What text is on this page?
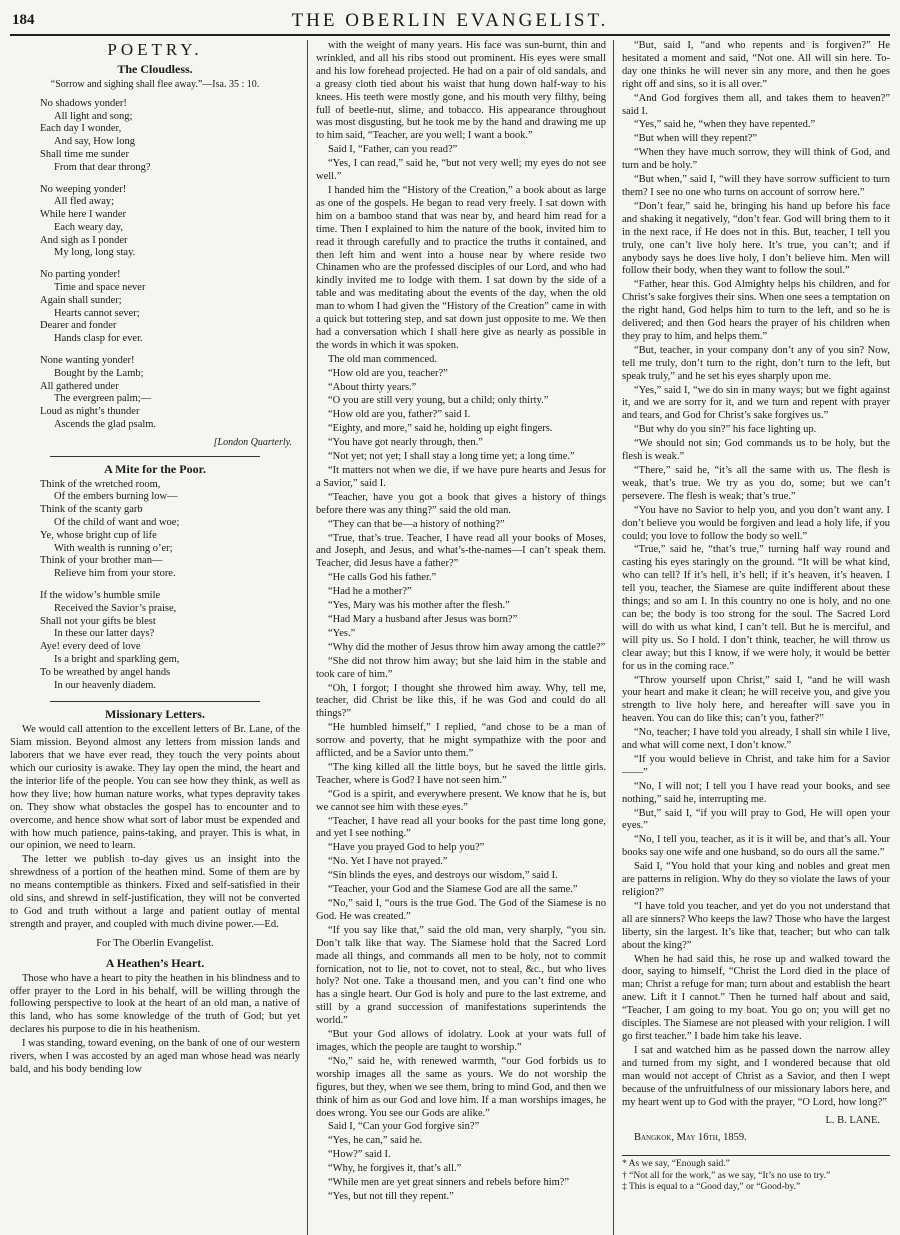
184	THE OBERLIN EVANGELIST.
POETRY.
The Cloudless.
“Sorrow and sighing shall flee away.”—Isa. 35 : 10.
No shadows yonder!
All light and song;
Each day I wonder,
And say, How long
Shall time me sunder
From that dear throng?
No weeping yonder!
All fled away;
While here I wander
Each weary day,
And sigh as I ponder
My long, long stay.
No parting yonder!
Time and space never
Again shall sunder;
Hearts cannot sever;
Dearer and fonder
Hands clasp for ever.
None wanting yonder!
Bought by the Lamb;
All gathered under
The evergreen palm;—
Loud as night’s thunder
Ascends the glad psalm.
[London Quarterly.
A Mite for the Poor.
Think of the wretched room,
Of the embers burning low—
Think of the scanty garb
Of the child of want and woe;
Ye, whose bright cup of life
With wealth is running o’er;
Think of your brother man—
Relieve him from your store.
If the widow’s humble smile
Received the Savior’s praise,
Shall not your gifts be blest
In these our latter days?
Aye! every deed of love
Is a bright and sparkling gem,
To be wreathed by angel hands
In our heavenly diadem.
Missionary Letters.

We would call attention to the excellent letters of Br. Lane, of the Siam mission. Beyond almost any letters from mission lands and laborers that we have ever read, they touch the very points about which our curiosity is awake. They lay open the mind, the heart and the interior life of the people. You can see how they think, as well as how they live; how human nature works, what types depravity takes on. They show what obstacles the gospel has to encounter and to overcome, and hence show what sort of labor must be expended and with how much patience, pains-taking, and prayer. This is what, in our opinion, we need to learn.

The letter we publish to-day gives us an insight into the shrewdness of a portion of the heathen mind. Some of them are by no means contemptible as thinkers. Fixed and self-satisfied in their old sins, and shrewd in self-justification, they will not be converted to God and truth without a large and patient outlay of mental strength and prayer, and coupled with much divine power.—Ed.

For The Oberlin Evangelist.

A Heathen’s Heart.

Those who have a heart to pity the heathen in his blindness and to offer prayer to the Lord in his behalf, will be willing through the following perspective to look at the heart of an old man, a native of this land, who has some knowledge of the truth of God; but yet declares his purpose to die in his heathenism.

I was standing, toward evening, on the bank of one of our western rivers, when I was accosted by an aged man whose head was nearly bald, and his body bending low

with the weight of many years. His face was sun-burnt, thin and wrinkled, and all his ribs stood out prominent. His eyes were small and his low forehead projected. He had on a pair of old sandals, and a greasy cloth tied about his waist that hung down half-way to his knees. His teeth were mostly gone, and his mouth very filthy, being full of beetle-nut, slime, and tobacco. His appearance throughout was most disgusting, but he took me by the hand and drawing me up to him said, “Teacher, are you well; I want a book.”

Said I, “Father, can you read?”

“Yes, I can read,” said he, “but not very well; my eyes do not see well.”

I handed him the “History of the Creation,” a book about as large as one of the gospels. He began to read very freely. I sat down with him on a bamboo stand that was near by, and heard him read for a time. Then I explained to him the nature of the book, invited him to read it through carefully and to practice the truths it contained, and then left him and went into a house near by where reside two Chinamen who are the professed disciples of our Lord, and who had kindly invited me to lodge with them. I sat down by the side of a table and was meditating about the events of the day, when the old man to whom I had given the “History of the Creation” came in with a quick but tottering step, and sat down just opposite to me. We then had a conversation which I shall here give as nearly as possible in the words in which it was spoken.

The old man commenced.

“How old are you, teacher?”

“About thirty years.”

“O you are still very young, but a child; only thirty.”

“How old are you, father?” said I.

“Eighty, and more,” said he, holding up eight fingers.

“You have got nearly through, then.”

“Not yet; not yet; I shall stay a long time yet; a long time.”

“It matters not when we die, if we have pure hearts and Jesus for a Savior,” said I.

“Teacher, have you got a book that gives a history of things before there was any thing?” said the old man.

“They can that be—a history of nothing?”

“True, that’s true. Teacher, I have read all your books of Moses, and Joseph, and Jesus, and what’s-the-names—I can’t speak them. Teacher, did Jesus have a father?”

“He calls God his father.”

“Had he a mother?”

“Yes, Mary was his mother after the flesh.”

“Had Mary a husband after Jesus was born?”

“Yes.”

“Why did the mother of Jesus throw him away among the cattle?”

“She did not throw him away; but she laid him in the stable and took care of him.”

“Oh, I forgot; I thought she throwed him away. Why, tell me, teacher, did Christ be like this, if he was God and could do all things?”

“He humbled himself,” I replied, “and chose to be a man of sorrow and poverty, that he might sympathize with the poor and afflicted, and be a Savior unto them.”

“The king killed all the little boys, but he saved the little girls. Teacher, where is God? I have not seen him.”

“God is a spirit, and everywhere present. We know that he is, but we cannot see him with these eyes.”

“Teacher, I have read all your books for the past time long gone, and yet I see nothing.”

“Have you prayed God to help you?”

“No. Yet I have not prayed.”

“Sin blinds the eyes, and destroys our wisdom,” said I.

“Teacher, your God and the Siamese God are all the same.”

“No,” said I, “ours is the true God. The God of the Siamese is no God. He was created.”

“If you say like that,” said the old man, very sharply, “you sin. Don’t talk like that way. The Siamese hold that the Sacred Lord made all things, and commands all men to be holy, not to commit fornication, not to lie, not to covet, not to steal, &c., but who lives holy? Not one. Take a thousand men, and you can’t find one who has a single heart. Our God is holy and pure to the last extreme, and still by a grand succession of manifestations superintends the world.”

“But your God allows of idolatry. Look at your wats full of images, which the people are taught to worship.”

“No,” said he, with renewed warmth, “our God forbids us to worship images all the same as yours. We do not worship the figures, but they, when we see them, bring to mind God, and then we think of him as our God and love him. If a man worships images, he does wrong. You see our Gods are alike.”

Said I, “Can your God forgive sin?”

“Yes, he can,” said he.

“How?” said I.

“Why, he forgives it, that’s all.”

“While men are yet great sinners and rebels before him?”

“Yes, but not till they repent.”

“But, said I, “and who repents and is forgiven?” He hesitated a moment and said, “Not one. All will sin here. To-day one thinks he will never sin any more, and then he goes right off and sins, so it is all over.”

“And God forgives them all, and takes them to heaven?” said I.

“Yes,” said he, “when they have repented.”

“But when will they repent?”

“When they have much sorrow, they will think of God, and turn and be holy.”

“But when,” said I, “will they have sorrow sufficient to turn them? I see no one who turns on account of sorrow here.”

“Don’t fear,” said he, bringing his hand up before his face and shaking it negatively, “don’t fear. God will bring them to it in the next race, if He does not in this. But, teacher, I tell you truly, one can’t live holy here. It’s true, you can’t; and if anybody says he does live holy, I don’t believe him. Men will follow their body, when they want to follow the soul.”

“Father, hear this. God Almighty helps his children, and for Christ’s sake forgives their sins. When one sees a temptation on the right hand, God helps him to turn to the left, and so he is delivered; and then God hears the prayer of his children when they pray to him, and helps them.”

“But, teacher, in your company don’t any of you sin? Now, tell me truly, don’t turn to the right, don’t turn to the left, but speak truly,” and he set his eyes sharply upon me.

“Yes,” said I, “we do sin in many ways; but we fight against it, and we are sorry for it, and we turn and repent with prayer and tears, and God for Christ’s sake forgives us.”

“But why do you sin?” his face lighting up.

“We should not sin; God commands us to be holy, but the flesh is weak.”

“There,” said he, “it’s all the same with us. The flesh is weak, that’s true. We try as you do, some; but we can’t persevere. The flesh is weak; that’s true.”

“You have no Savior to help you, and you don’t want any. I don’t believe you would be forgiven and lead a holy life, if you could; you love to follow the body so well.”

“True,” said he, “that’s true,” turning half way round and casting his eyes staringly on the ground. “It will be what kind, who can tell? If it’s hell, it’s hell; if it’s heaven, it’s heaven. I tell you, teacher, the Siamese are quite indifferent about these things; and so am I. In this country no one is holy, and no one can be; the body is too strong for the soul. The Sacred Lord will do with us what kind, I can’t tell. But he is merciful, and will pity us. So I hold. I don’t think, teacher, he will throw us clear away; but this I know, if we were holy, it would be better for us in the coming race.”

“Throw yourself upon Christ,” said I, “and he will wash your heart and make it clean; he will receive you, and give you strength to live holy here, and hereafter will save you in heaven. You can do like this; can’t you, father?”

“No, teacher; I have told you already, I shall sin while I live, and what will come next, I don’t know.”

“If you would believe in Christ, and take him for a Savior——”

“No, I will not; I tell you I have read your books, and see nothing,” said he, interrupting me.

“But,” said I, “if you will pray to God, He will open your eyes.”

“No, I tell you, teacher, as it is it will be, and that’s all. Your books say one wife and one husband, so do ours all the same.”

Said I, “You hold that your king and nobles and great men are patterns in religion. Why do they so violate the laws of your religion?”

“I have told you teacher, and yet do you not understand that all are sinners? Who keeps the law? Those who have the largest liberty, sin the largest. It’s like that, teacher; but who can talk about the king?”

When he had said this, he rose up and walked toward the door, saying to himself, “Christ the Lord died in the place of man; Christ a refuge for man; turn about and establish the heart anew. Lift it I cannot.” Then he turned half about and said, “Teacher, I am going to my boat. You go on; you will get no disciples. The Siamese are not pleased with your religion. I will go first teacher.” I bade him take his leave.

I sat and watched him as he passed down the narrow alley and turned from my sight, and I wondered because that old man would not accept of Christ as a Savior, and then I wept because of the unfruitfulness of our missionary labors here, and my heart went up to God with the prayer, “O Lord, how long?”

L. B. LANE.

Bangkok, May 16th, 1859.

* As we say, “Enough said.”

† “Not all for the work,” as we say, “It’s no use to try.”

‡ This is equal to a “Good day,” or “Good-by.”
